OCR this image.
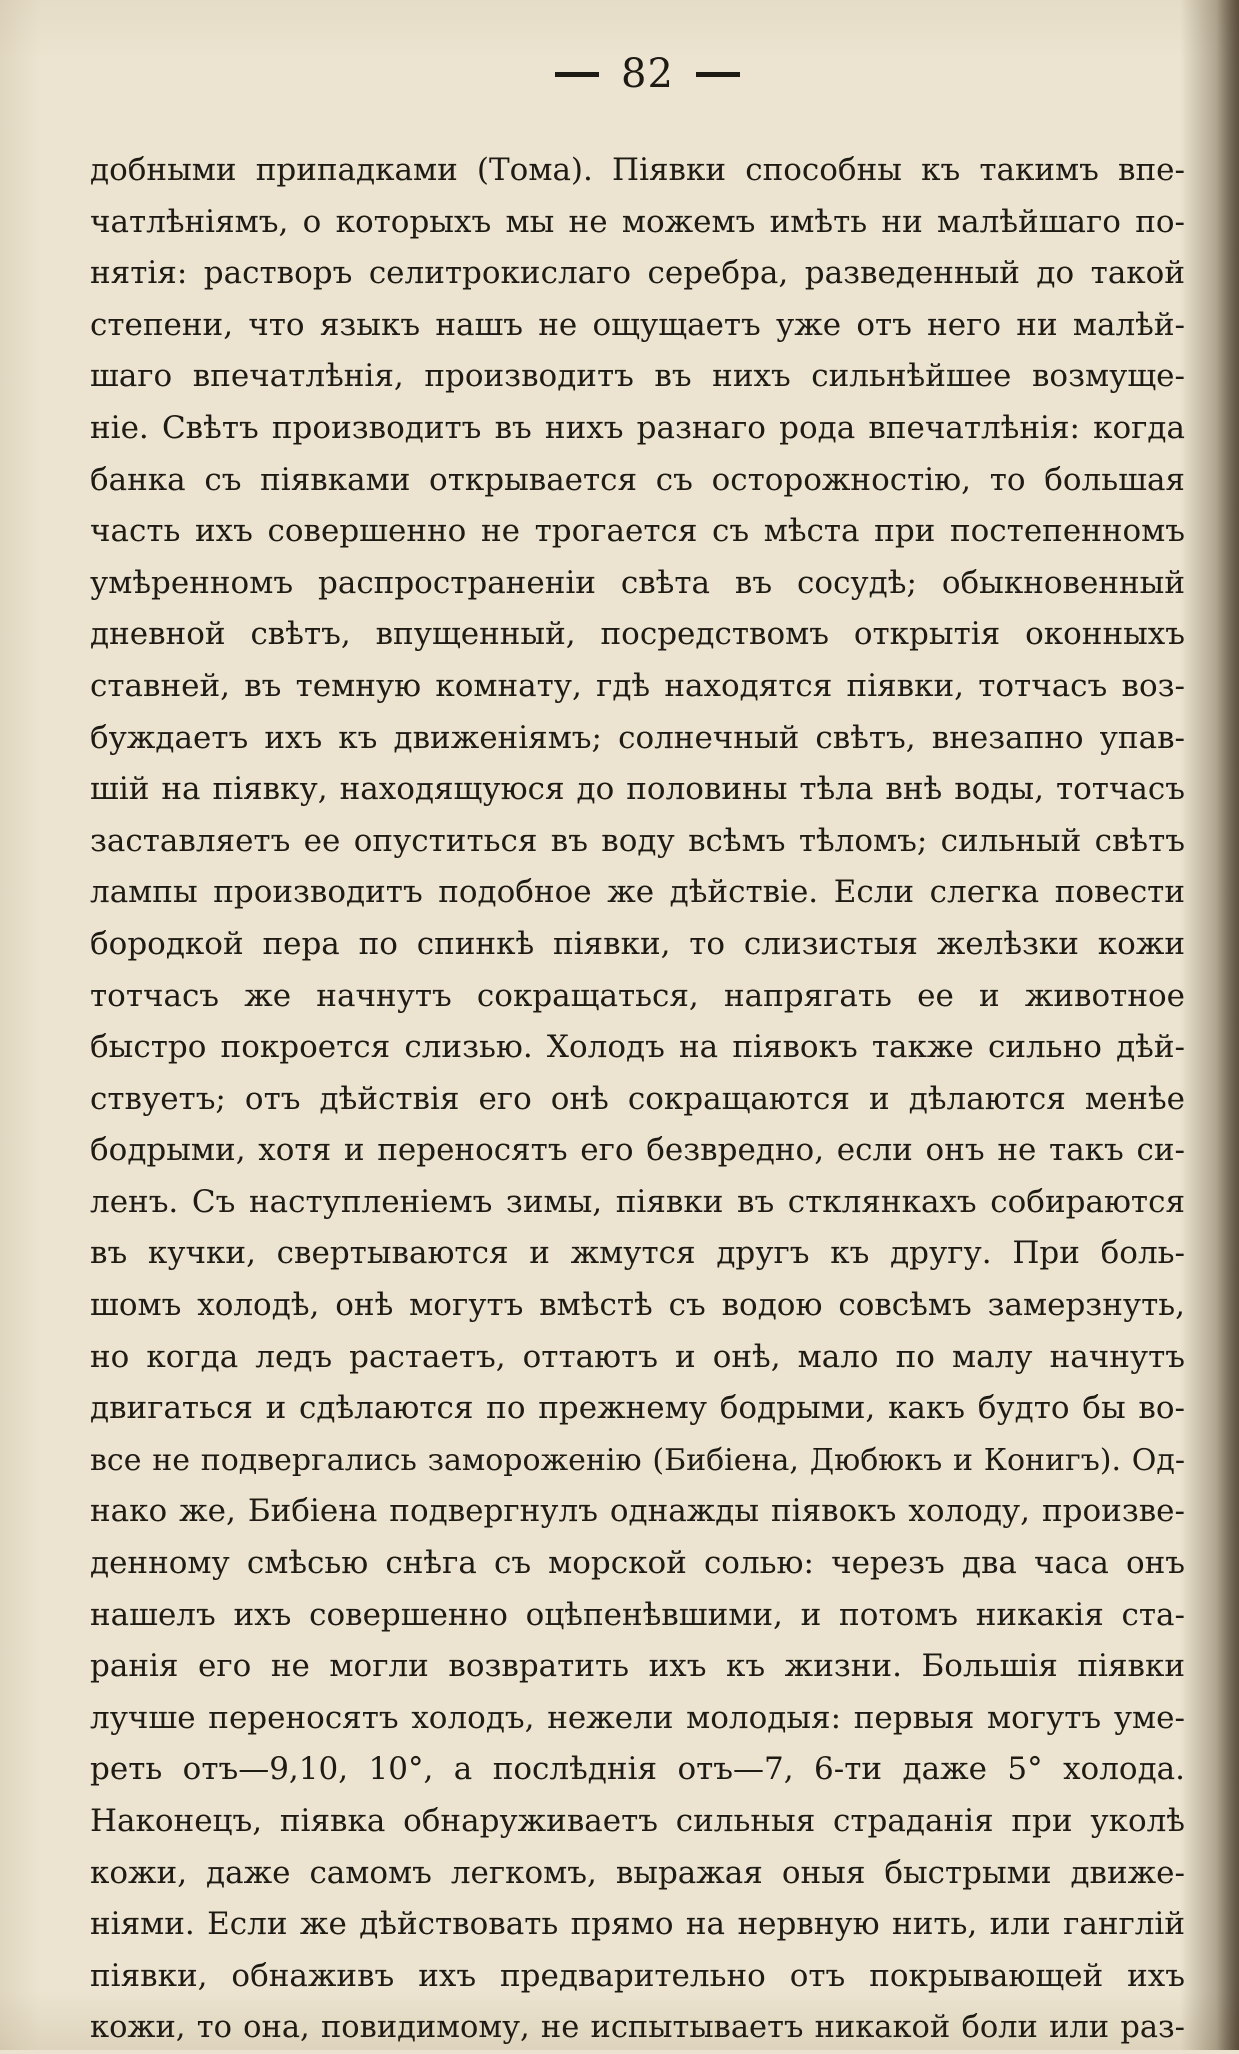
82
добными припадками (Тома). Піявки способны къ такимъ впе-
чатлѣніямъ, о которыхъ мы не можемъ имѣть ни малѣйшаго по-
нятія: растворъ селитрокислаго серебра, разведенный до такой
степени, что языкъ нашъ не ощущаетъ уже отъ него ни малѣй-
шаго впечатлѣнія, производитъ въ нихъ сильнѣйшее возмуще-
ніе. Свѣтъ производитъ въ нихъ разнаго рода впечатлѣнія: когда
банка съ піявками открывается съ осторожностію, то большая
часть ихъ совершенно не трогается съ мѣста при постепенномъ
умѣренномъ распространеніи свѣта въ сосудѣ; обыкновенный
дневной свѣтъ, впущенный, посредствомъ открытія оконныхъ
ставней, въ темную комнату, гдѣ находятся піявки, тотчасъ воз-
буждаетъ ихъ къ движеніямъ; солнечный свѣтъ, внезапно упав-
шій на піявку, находящуюся до половины тѣла внѣ воды, тотчасъ
заставляетъ ее опуститься въ воду всѣмъ тѣломъ; сильный свѣтъ
лампы производитъ подобное же дѣйствіе. Если слегка повести
бородкой пера по спинкѣ піявки, то слизистыя желѣзки кожи
тотчасъ же начнутъ сокращаться, напрягать ее и животное
быстро покроется слизью. Холодъ на піявокъ также сильно дѣй-
ствуетъ; отъ дѣйствія его онѣ сокращаются и дѣлаются менѣе
бодрыми, хотя и переносятъ его безвредно, если онъ не такъ си-
ленъ. Съ наступленіемъ зимы, піявки въ стклянкахъ собираются
въ кучки, свертываются и жмутся другъ къ другу. При боль-
шомъ холодѣ, онѣ могутъ вмѣстѣ съ водою совсѣмъ замерзнуть,
но когда ледъ растаетъ, оттаютъ и онѣ, мало по малу начнутъ
двигаться и сдѣлаются по прежнему бодрыми, какъ будто бы во-
все не подвергались замороженію (Бибіена, Дюбюкъ и Конигъ). Од-
нако же, Бибіена подвергнулъ однажды піявокъ холоду, произве-
денному смѣсью снѣга съ морской солью: черезъ два часа онъ
нашелъ ихъ совершенно оцѣпенѣвшими, и потомъ никакія ста-
ранія его не могли возвратить ихъ къ жизни. Большія піявки
лучше переносятъ холодъ, нежели молодыя: первыя могутъ уме-
реть отъ—9,10, 10°, а послѣднія отъ—7, 6-ти даже 5° холода.
Наконецъ, піявка обнаруживаетъ сильныя страданія при уколѣ
кожи, даже самомъ легкомъ, выражая оныя быстрыми движе-
ніями. Если же дѣйствовать прямо на нервную нить, или ганглій
піявки, обнаживъ ихъ предварительно отъ покрывающей ихъ
кожи, то она, повидимому, не испытываетъ никакой боли или раз-
